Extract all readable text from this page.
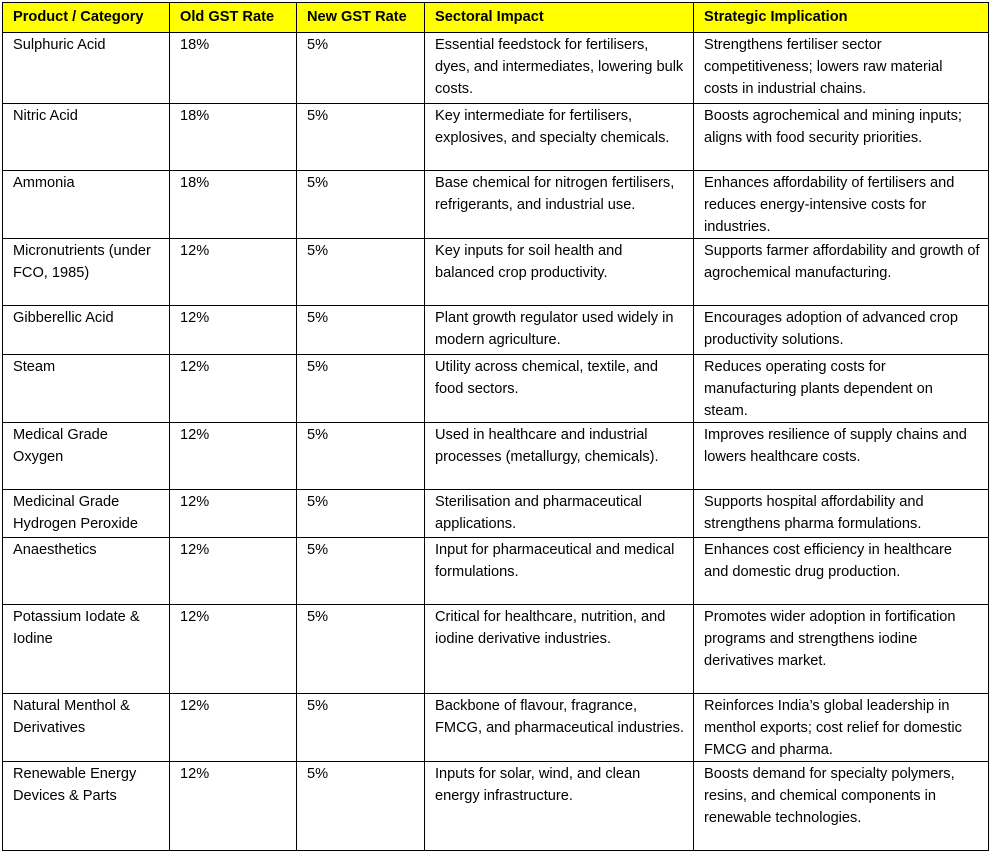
Product / Category	Old GST Rate	New GST Rate	Sectoral Impact	Strategic Implication
Sulphuric Acid	18%	5%	Essential feedstock for fertilisers, dyes, and intermediates, lowering bulk costs.	Strengthens fertiliser sector competitiveness; lowers raw material costs in industrial chains.
Nitric Acid	18%	5%	Key intermediate for fertilisers, explosives, and specialty chemicals.	Boosts agrochemical and mining inputs; aligns with food security priorities.
Ammonia	18%	5%	Base chemical for nitrogen fertilisers, refrigerants, and industrial use.	Enhances affordability of fertilisers and reduces energy-intensive costs for industries.
Micronutrients (under FCO, 1985)	12%	5%	Key inputs for soil health and balanced crop productivity.	Supports farmer affordability and growth of agrochemical manufacturing.
Gibberellic Acid	12%	5%	Plant growth regulator used widely in modern agriculture.	Encourages adoption of advanced crop productivity solutions.
Steam	12%	5%	Utility across chemical, textile, and food sectors.	Reduces operating costs for manufacturing plants dependent on steam.
Medical Grade Oxygen	12%	5%	Used in healthcare and industrial processes (metallurgy, chemicals).	Improves resilience of supply chains and lowers healthcare costs.
Medicinal Grade Hydrogen Peroxide	12%	5%	Sterilisation and pharmaceutical applications.	Supports hospital affordability and strengthens pharma formulations.
Anaesthetics	12%	5%	Input for pharmaceutical and medical formulations.	Enhances cost efficiency in healthcare and domestic drug production.
Potassium Iodate & Iodine	12%	5%	Critical for healthcare, nutrition, and iodine derivative industries.	Promotes wider adoption in fortification programs and strengthens iodine derivatives market.
Natural Menthol & Derivatives	12%	5%	Backbone of flavour, fragrance, FMCG, and pharmaceutical industries.	Reinforces India’s global leadership in menthol exports; cost relief for domestic FMCG and pharma.
Renewable Energy Devices & Parts	12%	5%	Inputs for solar, wind, and clean energy infrastructure.	Boosts demand for specialty polymers, resins, and chemical components in renewable technologies.
